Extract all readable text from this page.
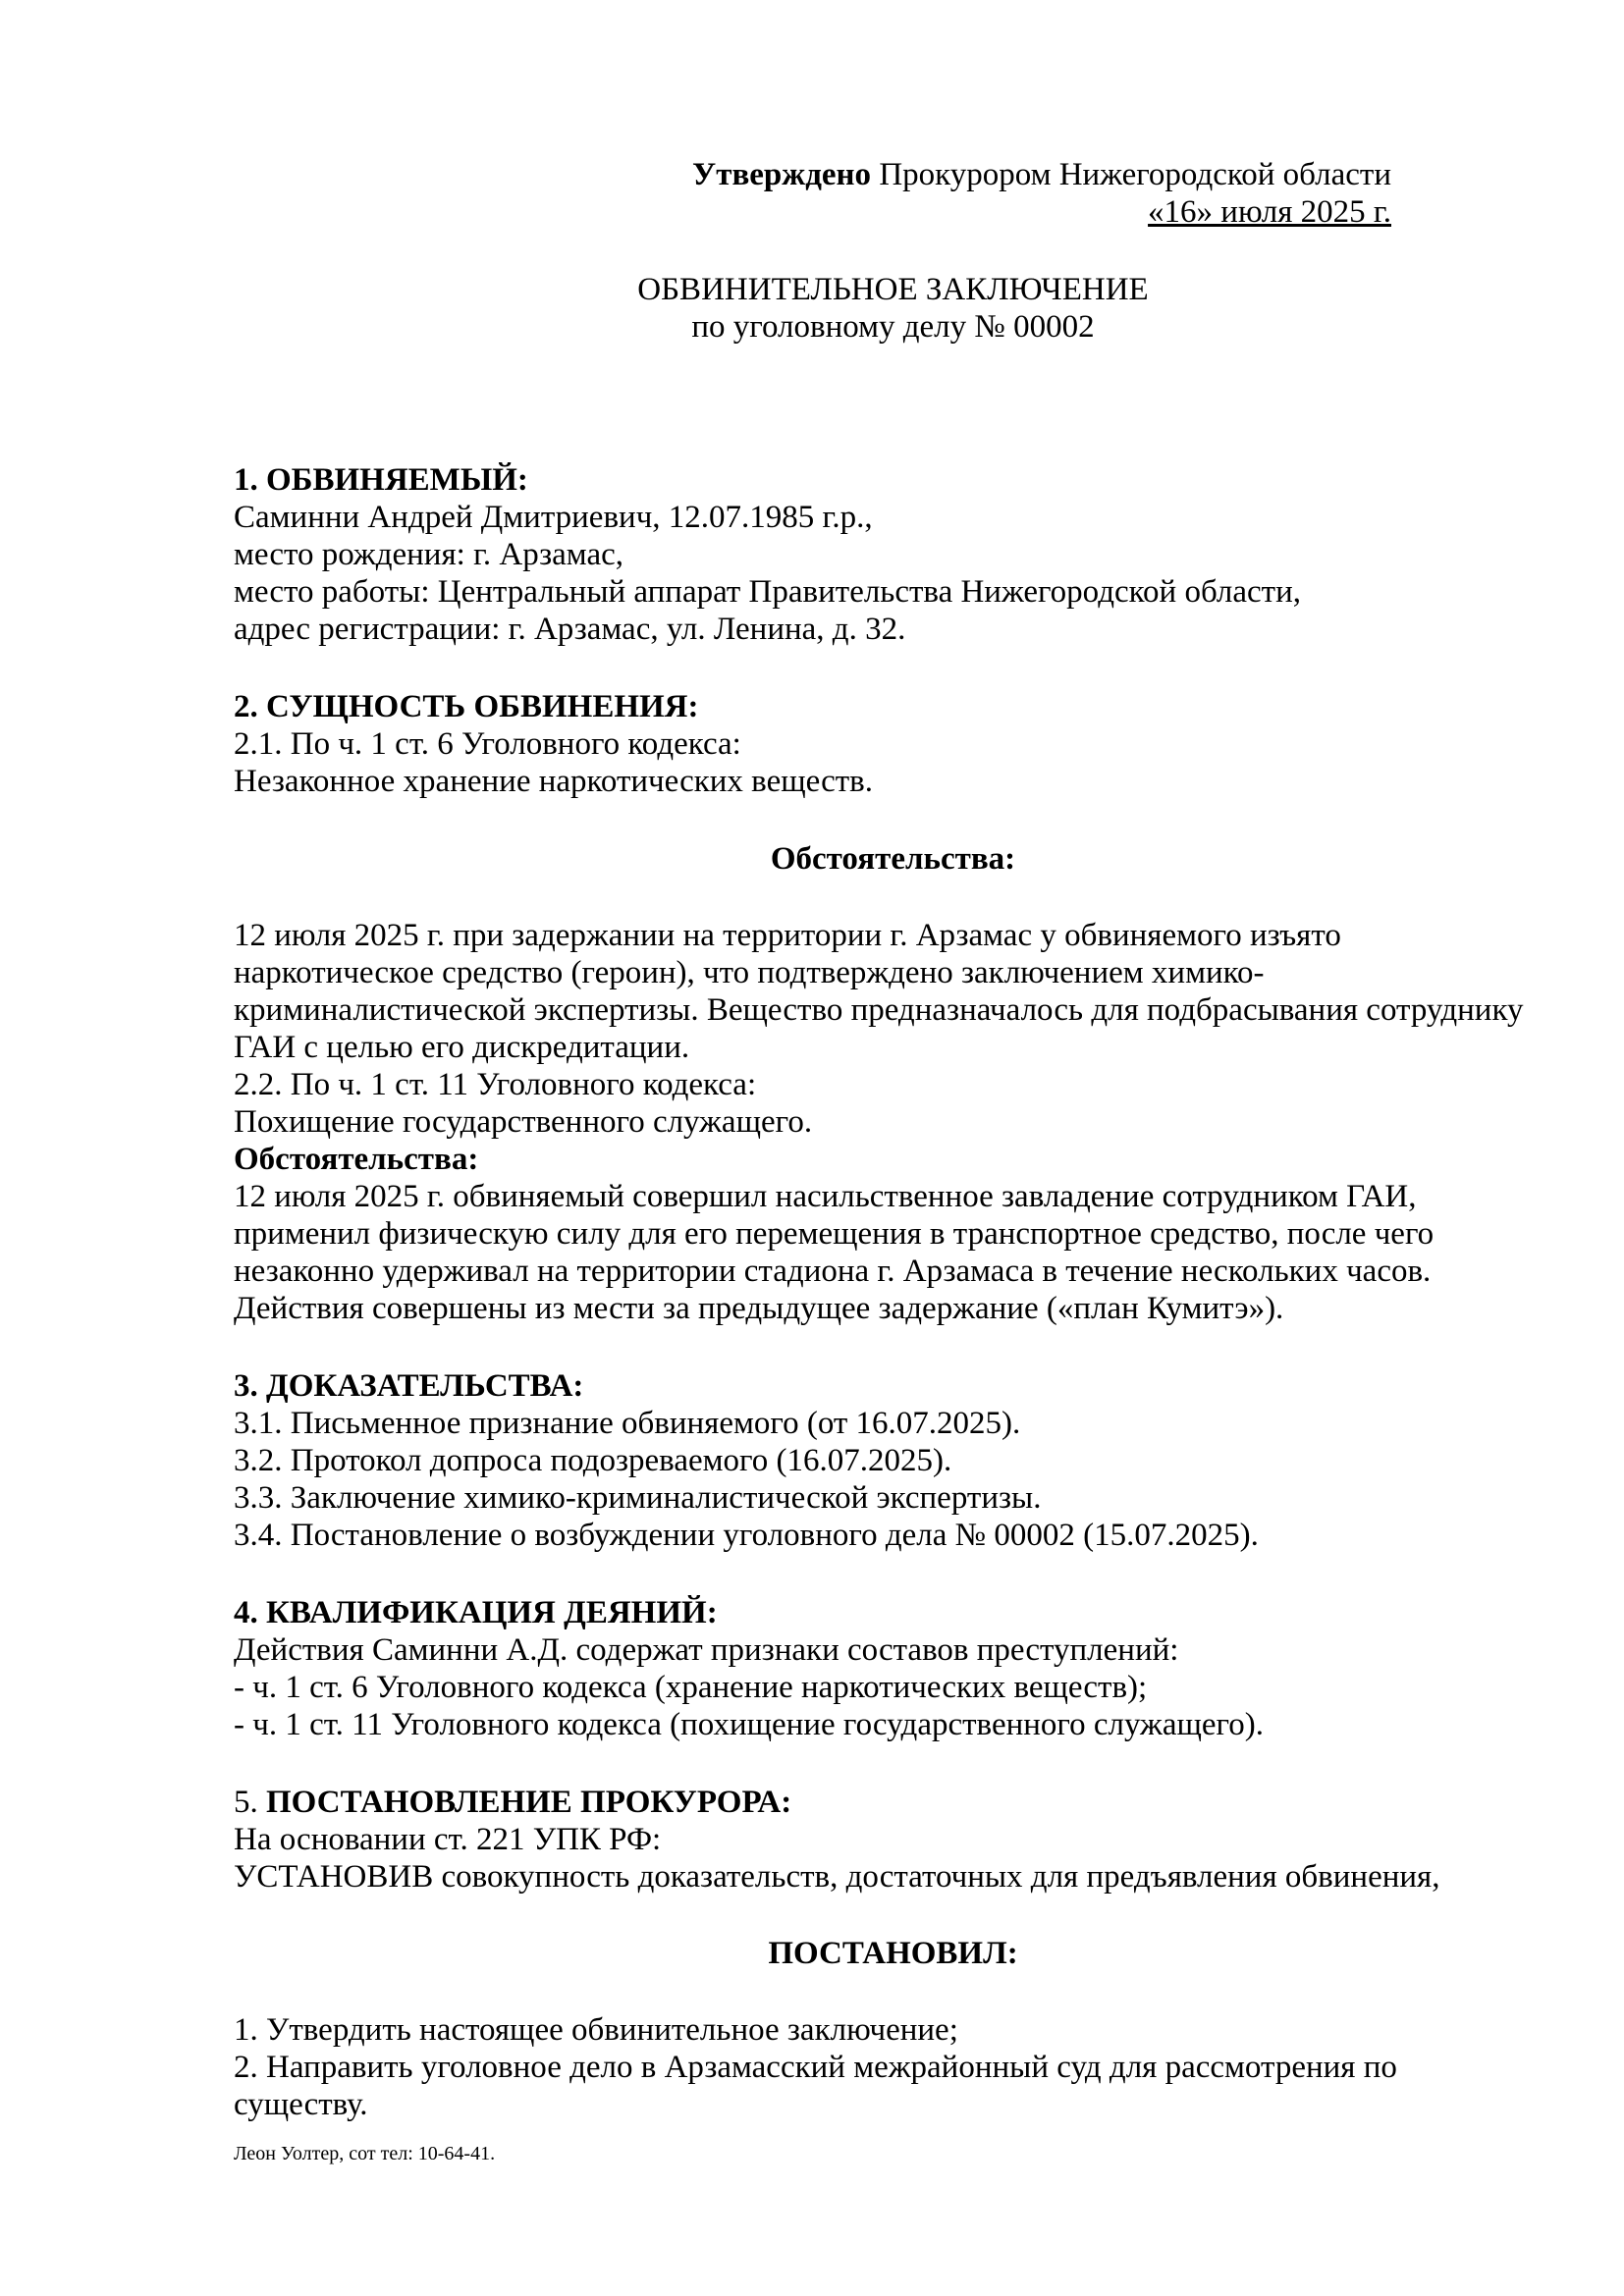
Утверждено Прокурором Нижегородской области
«16» июля 2025 г.
ОБВИНИТЕЛЬНОЕ ЗАКЛЮЧЕНИЕ
по уголовному делу № 00002
1. ОБВИНЯЕМЫЙ:
Саминни Андрей Дмитриевич, 12.07.1985 г.р.,
место рождения: г. Арзамас,
место работы: Центральный аппарат Правительства Нижегородской области,
адрес регистрации: г. Арзамас, ул. Ленина, д. 32.
2. СУЩНОСТЬ ОБВИНЕНИЯ:
2.1. По ч. 1 ст. 6 Уголовного кодекса:
Незаконное хранение наркотических веществ.
Обстоятельства:
12 июля 2025 г. при задержании на территории г. Арзамас у обвиняемого изъято
наркотическое средство (героин), что подтверждено заключением химико-
криминалистической экспертизы. Вещество предназначалось для подбрасывания сотруднику
ГАИ с целью его дискредитации.
2.2. По ч. 1 ст. 11 Уголовного кодекса:
Похищение государственного служащего.
Обстоятельства:
12 июля 2025 г. обвиняемый совершил насильственное завладение сотрудником ГАИ,
применил физическую силу для его перемещения в транспортное средство, после чего
незаконно удерживал на территории стадиона г. Арзамаса в течение нескольких часов.
Действия совершены из мести за предыдущее задержание («план Кумитэ»).
3. ДОКАЗАТЕЛЬСТВА:
3.1. Письменное признание обвиняемого (от 16.07.2025).
3.2. Протокол допроса подозреваемого (16.07.2025).
3.3. Заключение химико-криминалистической экспертизы.
3.4. Постановление о возбуждении уголовного дела № 00002 (15.07.2025).
4. КВАЛИФИКАЦИЯ ДЕЯНИЙ:
Действия Саминни А.Д. содержат признаки составов преступлений:
- ч. 1 ст. 6 Уголовного кодекса (хранение наркотических веществ);
- ч. 1 ст. 11 Уголовного кодекса (похищение государственного служащего).
5. ПОСТАНОВЛЕНИЕ ПРОКУРОРА:
На основании ст. 221 УПК РФ:
УСТАНОВИВ совокупность доказательств, достаточных для предъявления обвинения,
ПОСТАНОВИЛ:
1. Утвердить настоящее обвинительное заключение;
2. Направить уголовное дело в Арзамасский межрайонный суд для рассмотрения по
существу.
Леон Уолтер, сот тел: 10-64-41.
